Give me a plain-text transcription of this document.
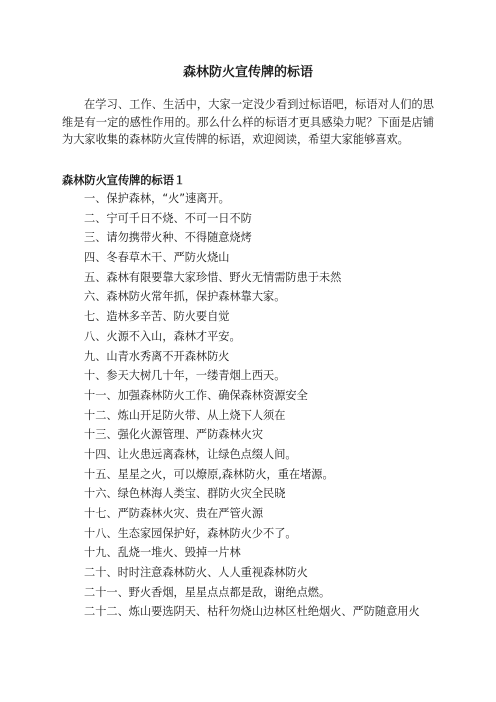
森林防火宣传牌的标语

在学习、工作、生活中，大家一定没少看到过标语吧，标语对人们的思维是有一定的感性作用的。那么什么样的标语才更具感染力呢？下面是店铺为大家收集的森林防火宣传牌的标语，欢迎阅读，希望大家能够喜欢。

森林防火宣传牌的标语１
一、保护森林，“火”速离开。
二、宁可千日不烧、不可一日不防
三、请勿携带火种、不得随意烧烤
四、冬春草木干、严防火烧山
五、森林有限要靠大家珍惜、野火无情需防患于未然
六、森林防火常年抓，保护森林靠大家。
七、造林多辛苦、防火要自觉
八、火源不入山，森林才平安。
九、山青水秀离不开森林防火
十、参天大树几十年，一缕青烟上西天。
十一、加强森林防火工作、确保森林资源安全
十二、炼山开足防火带、从上烧下人须在
十三、强化火源管理、严防森林火灾
十四、让火患远离森林，让绿色点缀人间。
十五、星星之火，可以燎原,森林防火，重在堵源。
十六、绿色林海人类宝、群防火灾全民晓
十七、严防森林火灾、贵在严管火源
十八、生态家园保护好，森林防火少不了。
十九、乱烧一堆火、毁掉一片林
二十、时时注意森林防火、人人重视森林防火
二十一、野火香烟，星星点点都是敌，谢绝点燃。
二十二、炼山要选阴天、枯秆勿烧山边林区杜绝烟火、严防随意用火
